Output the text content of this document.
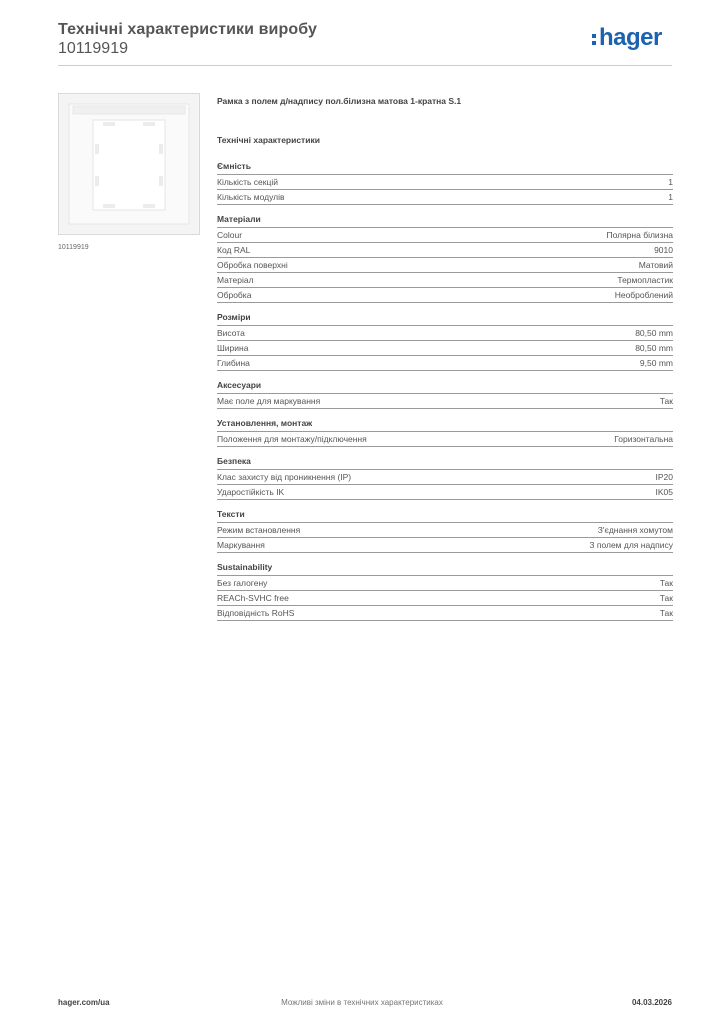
Технічні характеристики виробу
10119919	hager
10119919
Рамка з полем д/надпису пол.білизна матова 1-кратна S.1
Технічні характеристики
Ємність
Кількість секцій	1
Кількість модулів	1
Матеріали
Colour	Полярна білизна
Код RAL	9010
Обробка поверхні	Матовий
Матеріал	Термопластик
Обробка	Необроблений
Розміри
Висота	80,50 mm
Ширина	80,50 mm
Глибина	9,50 mm
Аксесуари
Має поле для маркування	Так
Установлення, монтаж
Положення для монтажу/підключення	Горизонтальна
Безпека
Клас захисту від проникнення (IP)	IP20
Ударостійкість IK	IK05
Тексти
Режим встановлення	З'єднання хомутом
Маркування	З полем для надпису
Sustainability
Без галогену	Так
REACh-SVHC free	Так
Відповідність RoHS	Так
hager.com/ua	Можливі зміни в технічних характеристиках	04.03.2026
